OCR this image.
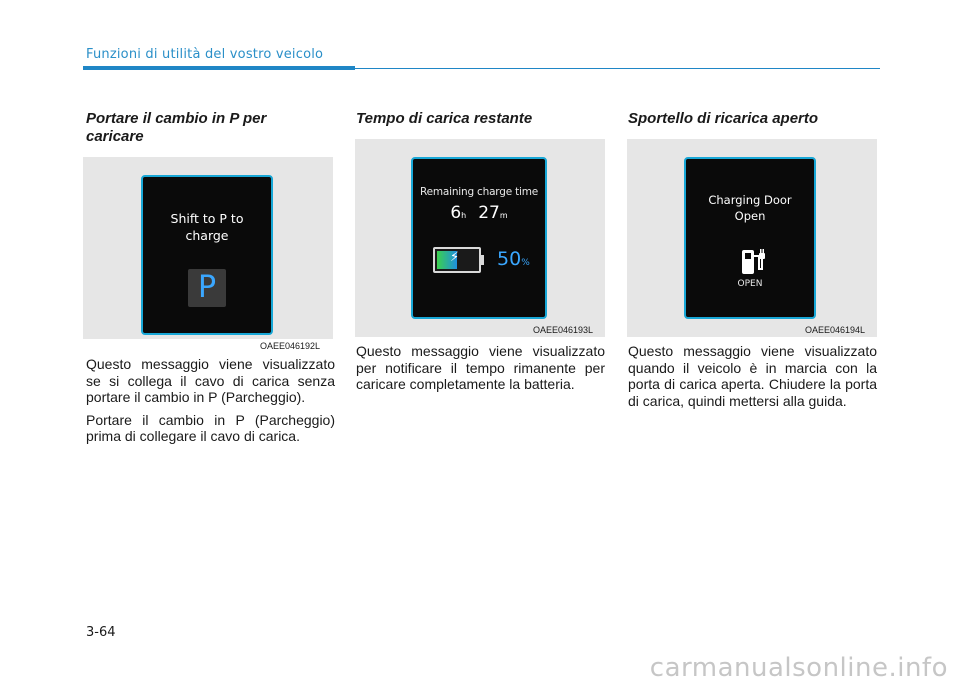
Funzioni di utilità del vostro veicolo
Portare il cambio in P per caricare
Shift to P to charge
P
OAEE046192L

Questo messaggio viene visualizzato se si collega il cavo di carica senza portare il cambio in P (Parcheggio).

Portare il cambio in P (Parcheggio) prima di collegare il cavo di carica.

Tempo di carica restante
Remaining charge time
6h 27m
⚡ 50%
OAEE046193L

Questo messaggio viene visualizzato per notificare il tempo rimanente per caricare completamente la batteria.

Sportello di ricarica aperto
Charging Door
Open
OPEN
OAEE046194L

Questo messaggio viene visualizzato quando il veicolo è in marcia con la porta di carica aperta. Chiudere la porta di carica, quindi mettersi alla guida.

3-64
carmanualsonline.info
